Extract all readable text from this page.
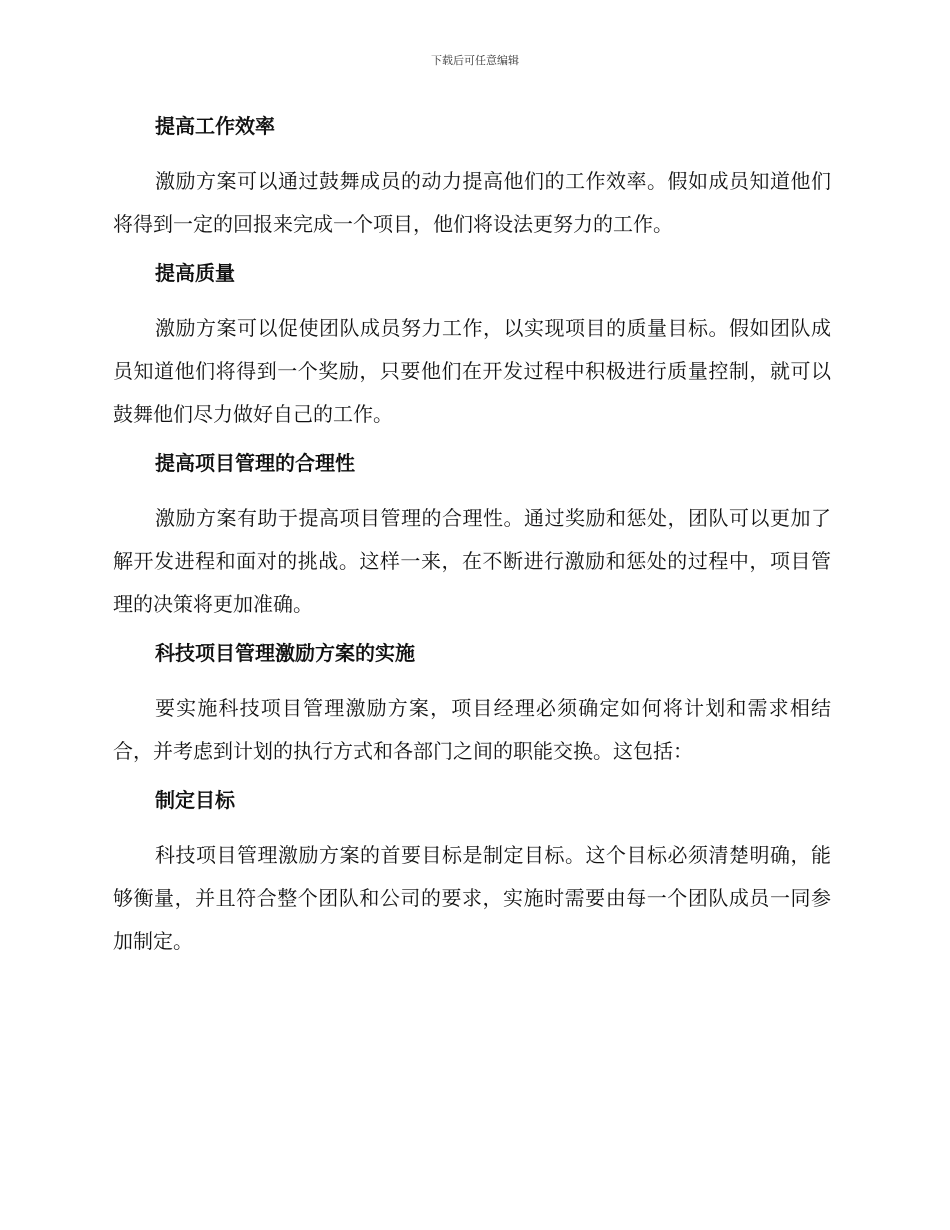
下载后可任意编辑
提高工作效率

激励方案可以通过鼓舞成员的动力提高他们的工作效率。假如成员知道他们将得到一定的回报来完成一个项目，他们将设法更努力的工作。

提高质量

激励方案可以促使团队成员努力工作，以实现项目的质量目标。假如团队成员知道他们将得到一个奖励，只要他们在开发过程中积极进行质量控制，就可以鼓舞他们尽力做好自己的工作。

提高项目管理的合理性

激励方案有助于提高项目管理的合理性。通过奖励和惩处，团队可以更加了解开发进程和面对的挑战。这样一来，在不断进行激励和惩处的过程中，项目管理的决策将更加准确。

科技项目管理激励方案的实施

要实施科技项目管理激励方案，项目经理必须确定如何将计划和需求相结合，并考虑到计划的执行方式和各部门之间的职能交换。这包括：

制定目标

科技项目管理激励方案的首要目标是制定目标。这个目标必须清楚明确，能够衡量，并且符合整个团队和公司的要求，实施时需要由每一个团队成员一同参加制定。
